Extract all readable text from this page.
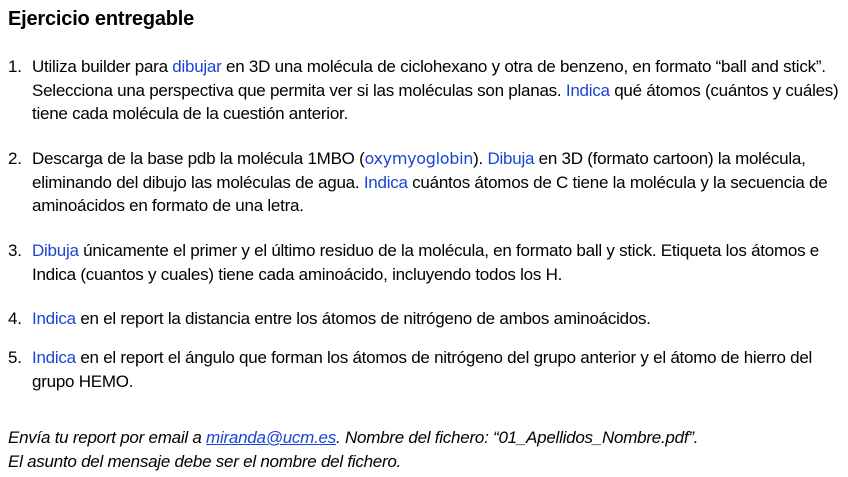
Ejercicio entregable
1. Utiliza builder para dibujar en 3D una molécula de ciclohexano y otra de benzeno, en formato “ball and stick”. Selecciona una perspectiva que permita ver si las moléculas son planas. Indica qué átomos (cuántos y cuáles) tiene cada molécula de la cuestión anterior.
2. Descarga de la base pdb la molécula 1MBO (oxymyoglobin). Dibuja en 3D (formato cartoon) la molécula, eliminando del dibujo las moléculas de agua. Indica cuántos átomos de C tiene la molécula y la secuencia de aminoácidos en formato de una letra.
3. Dibuja únicamente el primer y el último residuo de la molécula, en formato ball y stick. Etiqueta los átomos e Indica (cuantos y cuales) tiene cada aminoácido, incluyendo todos los H.
4. Indica en el report la distancia entre los átomos de nitrógeno de ambos aminoácidos.
5. Indica en el report el ángulo que forman los átomos de nitrógeno del grupo anterior y el átomo de hierro del grupo HEMO.
Envía tu report por email a miranda@ucm.es. Nombre del fichero: “01_Apellidos_Nombre.pdf”.
El asunto del mensaje debe ser el nombre del fichero.
